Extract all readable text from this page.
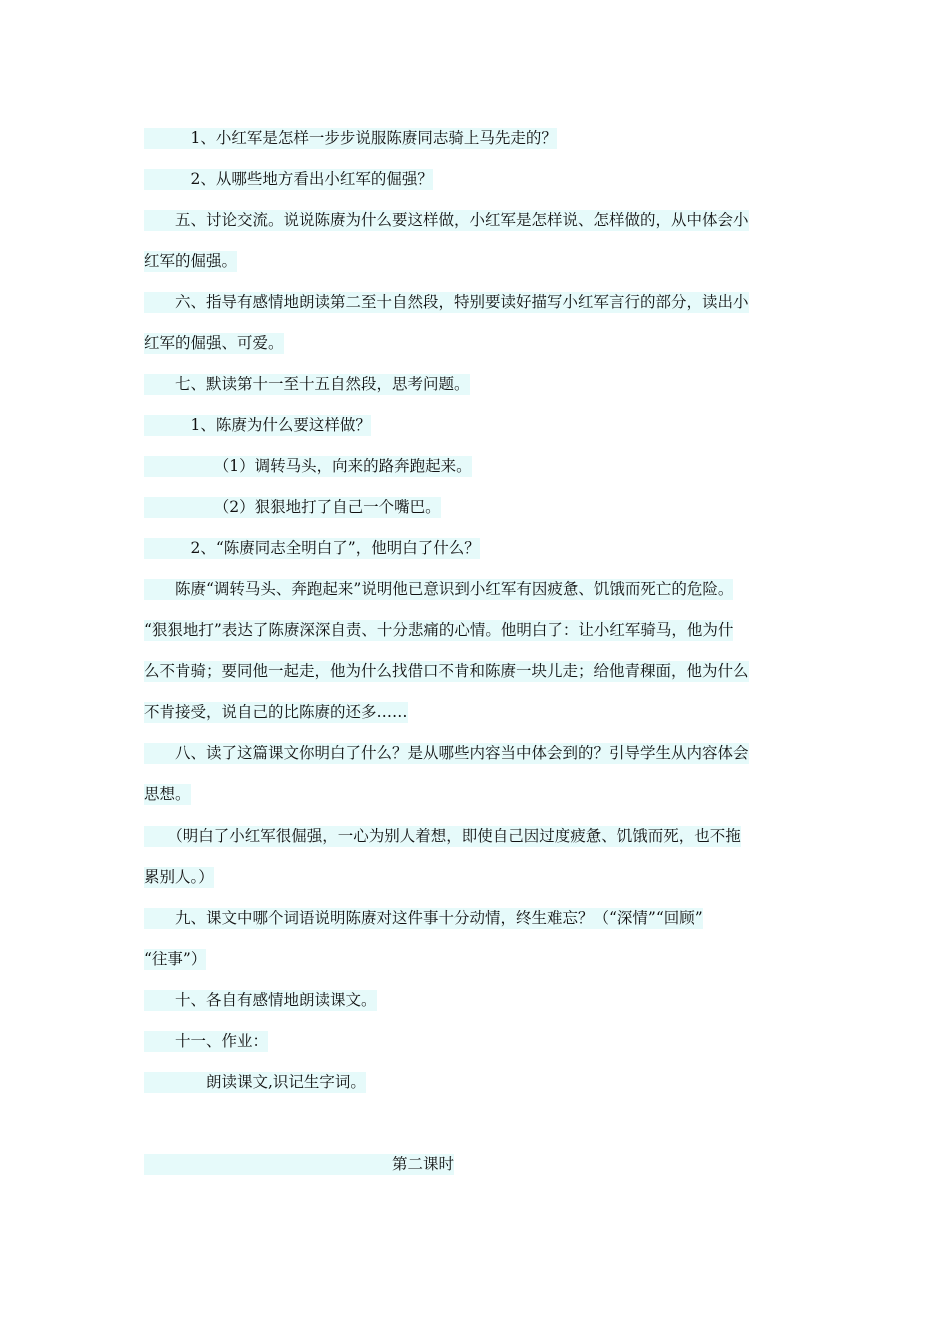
　　　1、小红军是怎样一步步说服陈赓同志骑上马先走的？
　　　2、从哪些地方看出小红军的倔强？
　　五、讨论交流。说说陈赓为什么要这样做，小红军是怎样说、怎样做的，从中体会小
红军的倔强。
　　六、指导有感情地朗读第二至十自然段，特别要读好描写小红军言行的部分，读出小
红军的倔强、可爱。
　　七、默读第十一至十五自然段，思考问题。
　　　1、陈赓为什么要这样做？
　　　　　（1）调转马头，向来的路奔跑起来。
　　　　　（2）狠狠地打了自己一个嘴巴。
　　　2、“陈赓同志全明白了”，他明白了什么？
　　陈赓“调转马头、奔跑起来”说明他已意识到小红军有因疲惫、饥饿而死亡的危险。
“狠狠地打”表达了陈赓深深自责、十分悲痛的心情。他明白了：让小红军骑马，他为什
么不肯骑；要同他一起走，他为什么找借口不肯和陈赓一块儿走；给他青稞面，他为什么
不肯接受，说自己的比陈赓的还多……
　　八、读了这篇课文你明白了什么？是从哪些内容当中体会到的？引导学生从内容体会
思想。
　　（明白了小红军很倔强，一心为别人着想，即使自己因过度疲惫、饥饿而死，也不拖
累别人。）
　　九、课文中哪个词语说明陈赓对这件事十分动情，终生难忘？（“深情”“回顾”
“往事”）
　　十、各自有感情地朗读课文。
　　十一、作业：
　　　　朗读课文,识记生字词。
　　　　　　　　　　　　　　　　第二课时
